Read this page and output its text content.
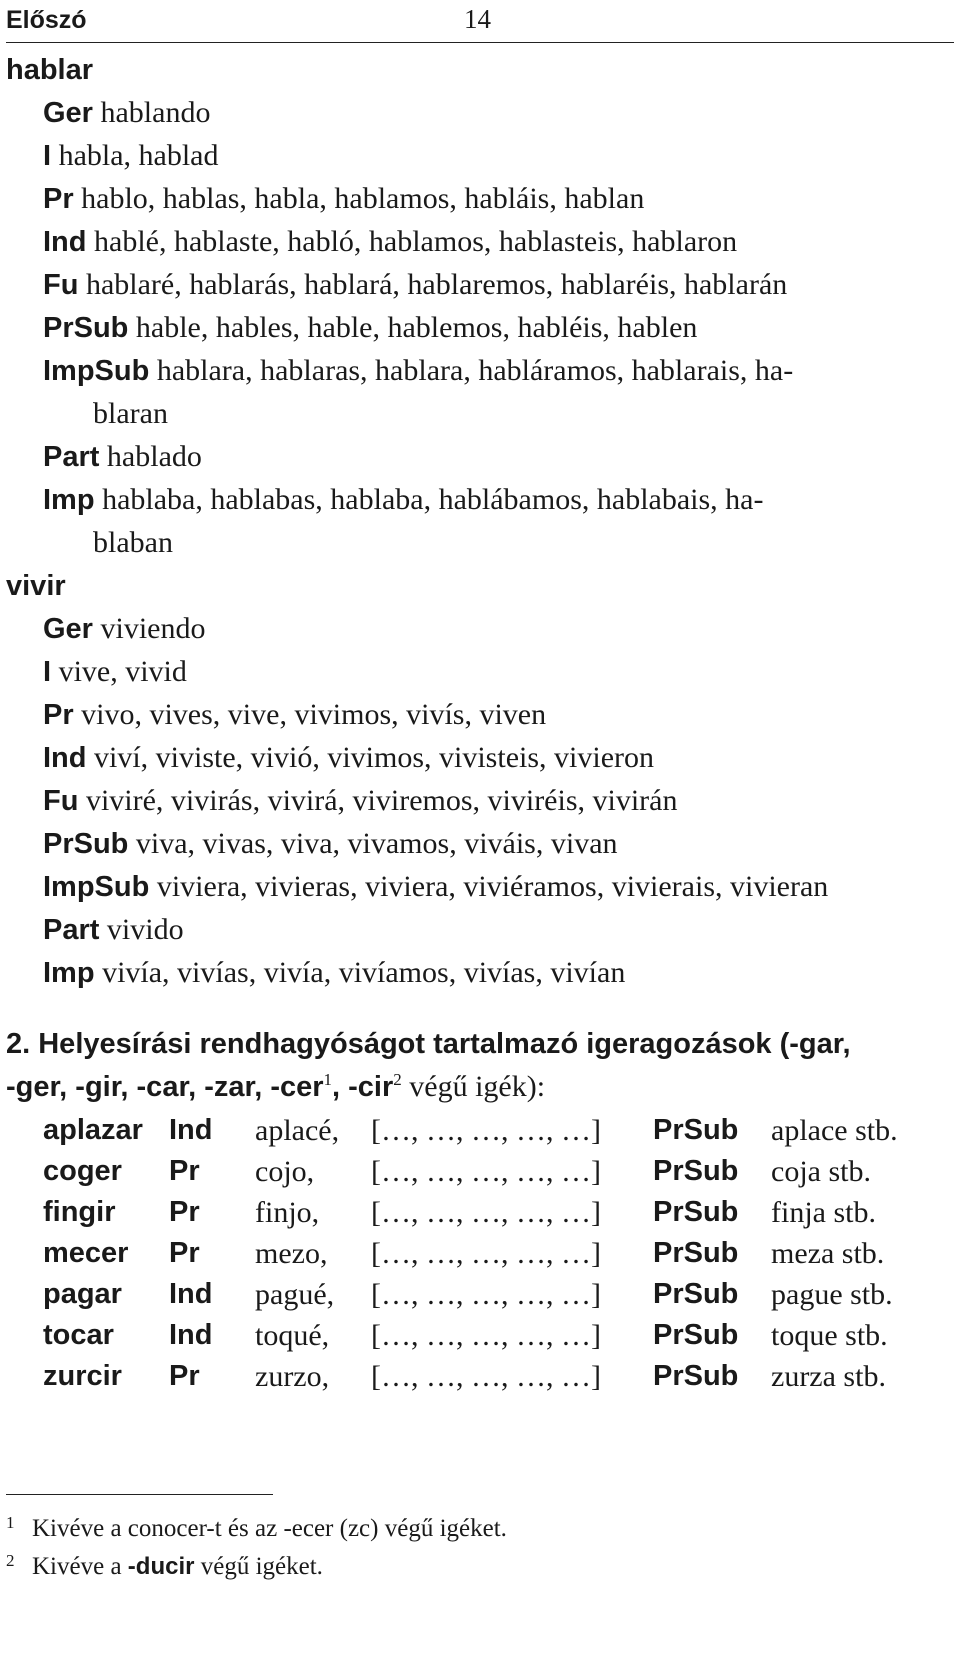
Előszó	14
hablar
Ger hablando
I habla, hablad
Pr hablo, hablas, habla, hablamos, habláis, hablan
Ind hablé, hablaste, habló, hablamos, hablasteis, hablaron
Fu hablaré, hablarás, hablará, hablaremos, hablaréis, hablarán
PrSub hable, hables, hable, hablemos, habléis, hablen
ImpSub hablara, hablaras, hablara, habláramos, hablarais, ha-
blaran
Part hablado
Imp hablaba, hablabas, hablaba, hablábamos, hablabais, ha-
blaban
vivir
Ger viviendo
I vive, vivid
Pr vivo, vives, vive, vivimos, vivís, viven
Ind viví, viviste, vivió, vivimos, vivisteis, vivieron
Fu viviré, vivirás, vivirá, viviremos, viviréis, vivirán
PrSub viva, vivas, viva, vivamos, viváis, vivan
ImpSub viviera, vivieras, viviera, viviéramos, vivierais, vivieran
Part vivido
Imp vivía, vivías, vivía, vivíamos, vivías, vivían
2. Helyesírási rendhagyóságot tartalmazó igeragozások (-gar,
-ger, -gir, -car, -zar, -cer$^1$, -cir$^2$ végű igék):
aplazar	Ind	aplacé,	[…, …, …, …, …]	PrSub	aplace stb.
coger	Pr	cojo,	[…, …, …, …, …]	PrSub	coja stb.
fingir	Pr	finjo,	[…, …, …, …, …]	PrSub	finja stb.
mecer	Pr	mezo,	[…, …, …, …, …]	PrSub	meza stb.
pagar	Ind	pagué,	[…, …, …, …, …]	PrSub	pague stb.
tocar	Ind	toqué,	[…, …, …, …, …]	PrSub	toque stb.
zurcir	Pr	zurzo,	[…, …, …, …, …]	PrSub	zurza stb.
1 Kivéve a conocer-t és az -ecer (zc) végű igéket.
2 Kivéve a -ducir végű igéket.
